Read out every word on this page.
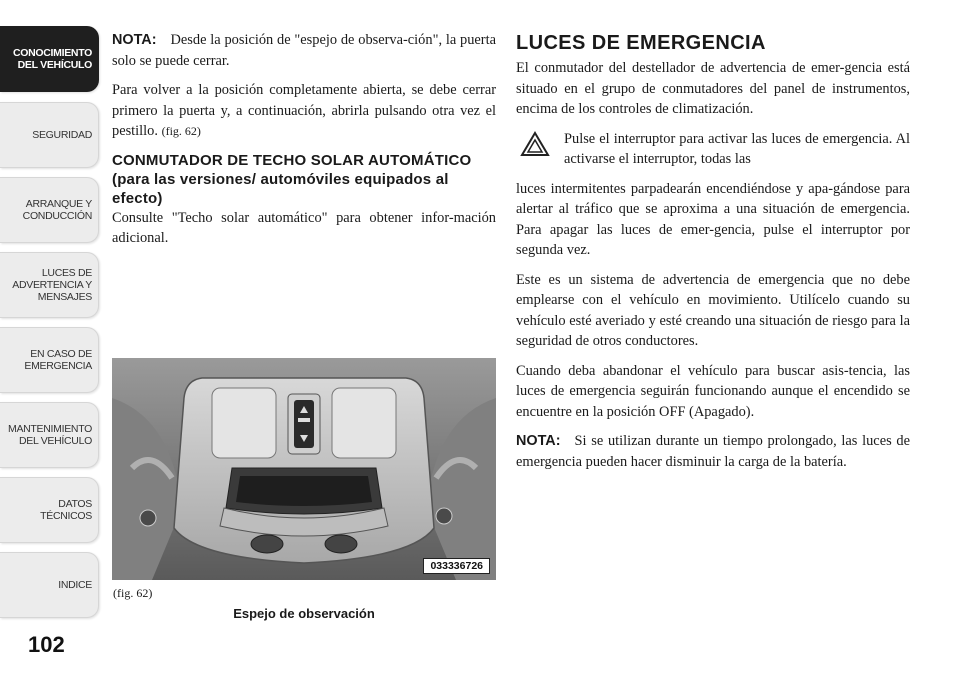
CONOCIMIENTO
DEL VEHÍCULO
SEGURIDAD
ARRANQUE Y
CONDUCCIÓN
LUCES DE
ADVERTENCIA Y
MENSAJES
EN CASO DE
EMERGENCIA
MANTENIMIENTO
DEL VEHÍCULO
DATOS
TÉCNICOS
INDICE
102

NOTA: Desde la posición de "espejo de observa-ción", la puerta solo se puede cerrar.

Para volver a la posición completamente abierta, se debe cerrar primero la puerta y, a continuación, abrirla pulsando otra vez el pestillo. (fig. 62)

CONMUTADOR DE TECHO SOLAR AUTOMÁTICO (para las versiones/ automóviles equipados al efecto)

Consulte "Techo solar automático" para obtener infor-mación adicional.

033336726
(fig. 62)
Espejo de observación
LUCES DE EMERGENCIA

El conmutador del destellador de advertencia de emer-gencia está situado en el grupo de conmutadores del panel de instrumentos, encima de los controles de climatización.

Pulse el interruptor para activar las luces de emergencia. Al activarse el interruptor, todas las

luces intermitentes parpadearán encendiéndose y apa-gándose para alertar al tráfico que se aproxima a una situación de emergencia. Para apagar las luces de emer-gencia, pulse el interruptor por segunda vez.

Este es un sistema de advertencia de emergencia que no debe emplearse con el vehículo en movimiento. Utilícelo cuando su vehículo esté averiado y esté creando una situación de riesgo para la seguridad de otros conductores.

Cuando deba abandonar el vehículo para buscar asis-tencia, las luces de emergencia seguirán funcionando aunque el encendido se encuentre en la posición OFF (Apagado).

NOTA: Si se utilizan durante un tiempo prolongado, las luces de emergencia pueden hacer disminuir la carga de la batería.
